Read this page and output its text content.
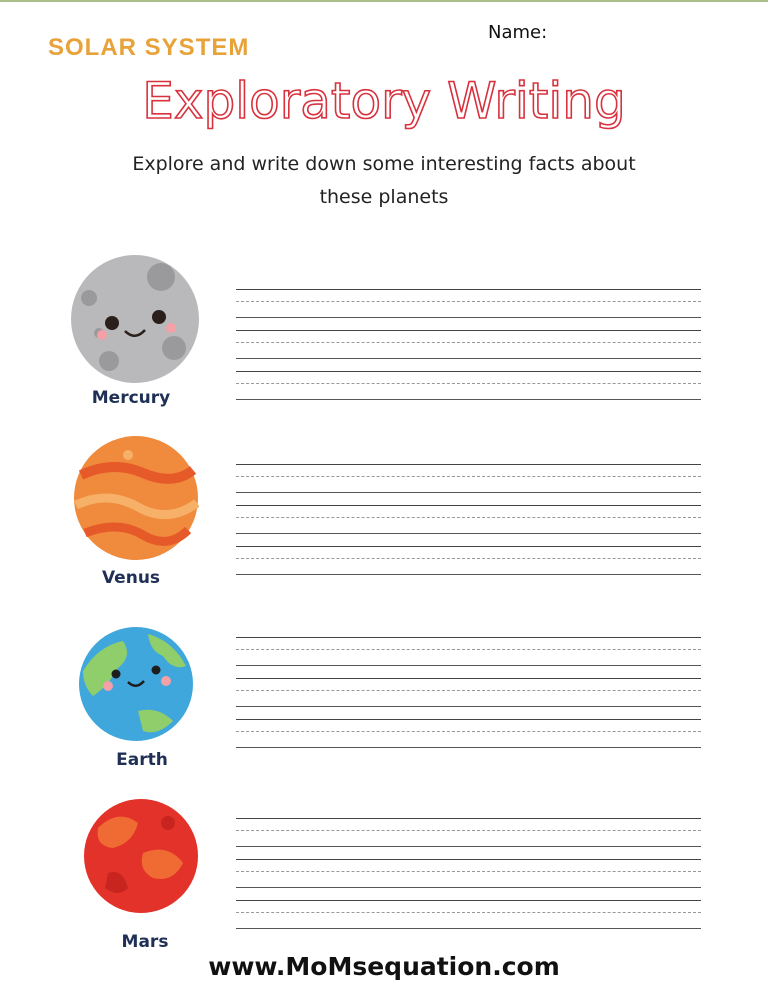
SOLAR SYSTEM
Name:
Exploratory Writing
Explore and write down some interesting facts about
these planets
Mercury
Venus
Earth
Mars
www.MoMsequation.com
